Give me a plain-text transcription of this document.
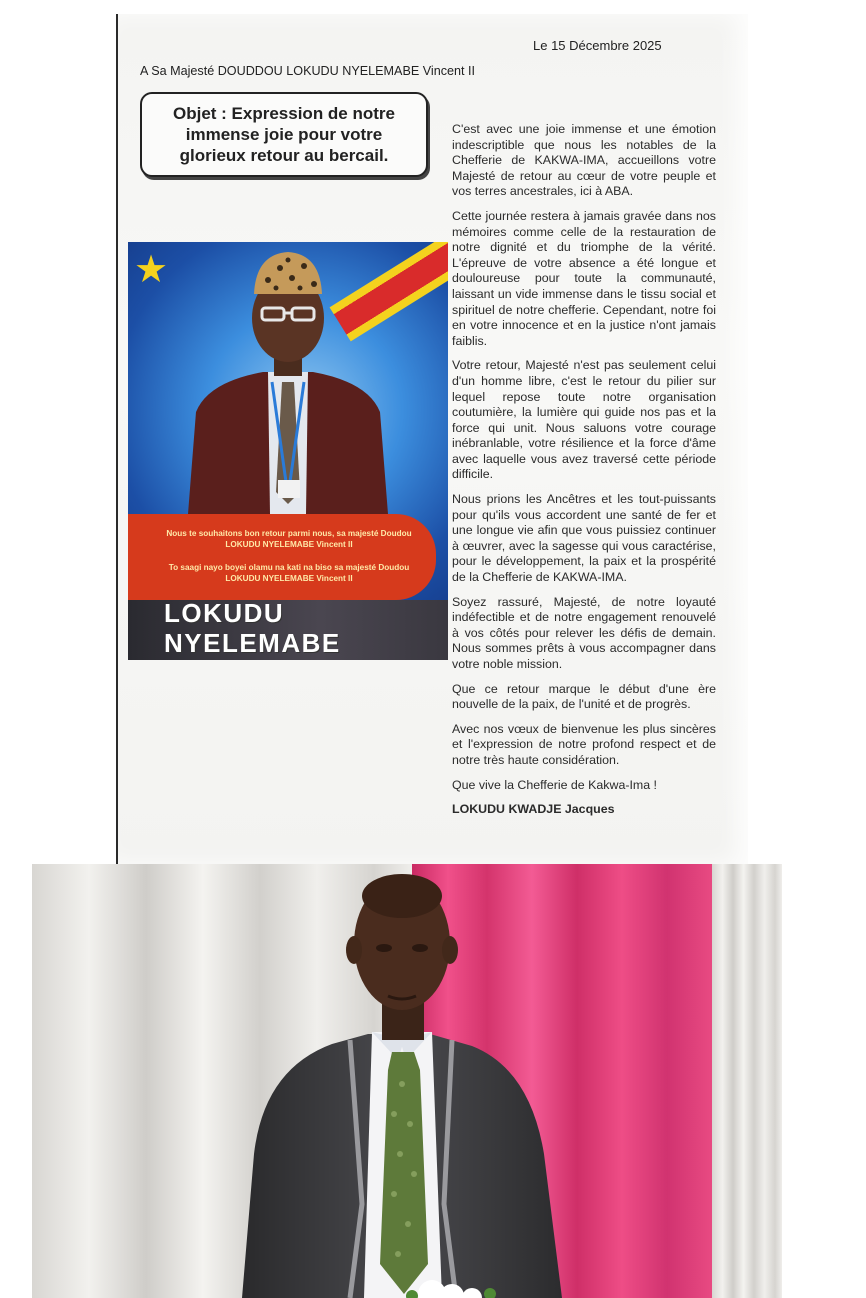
Le 15 Décembre 2025
A Sa Majesté DOUDDOU LOKUDU NYELEMABE Vincent II
Objet : Expression de notre immense joie pour votre glorieux retour au bercail.
★
Nous te souhaitons bon retour parmi nous, sa majesté Doudou LOKUDU NYELEMABE Vincent II
To saagi nayo boyei olamu na kati na biso sa majesté Doudou LOKUDU NYELEMABE Vincent II
LOKUDU
NYELEMABE

C'est avec une joie immense et une émotion indescriptible que nous les notables de la Chefferie de KAKWA-IMA, accueillons votre Majesté de retour au cœur de votre peuple et vos terres ancestrales, ici à ABA.

Cette journée restera à jamais gravée dans nos mémoires comme celle de la restauration de notre dignité et du triomphe de la vérité. L'épreuve de votre absence a été longue et douloureuse pour toute la communauté, laissant un vide immense dans le tissu social et spirituel de notre chefferie. Cependant, notre foi en votre innocence et en la justice n'ont jamais faiblis.

Votre retour, Majesté n'est pas seulement celui d'un homme libre, c'est le retour du pilier sur lequel repose toute notre organisation coutumière, la lumière qui guide nos pas et la force qui unit. Nous saluons votre courage inébranlable, votre résilience et la force d'âme avec laquelle vous avez traversé cette période difficile.

Nous prions les Ancêtres et les tout-puissants pour qu'ils vous accordent une santé de fer et une longue vie afin que vous puissiez continuer à œuvrer, avec la sagesse qui vous caractérise, pour le développement, la paix et la prospérité de la Chefferie de KAKWA-IMA.

Soyez rassuré, Majesté, de notre loyauté indéfectible et de notre engagement renouvelé à vos côtés pour relever les défis de demain. Nous sommes prêts à vous accompagner dans votre noble mission.

Que ce retour marque le début d'une ère nouvelle de la paix, de l'unité et de progrès.

Avec nos vœux de bienvenue les plus sincères et l'expression de notre profond respect et de notre très haute considération.

Que vive la Chefferie de Kakwa-Ima !

LOKUDU KWADJE Jacques
